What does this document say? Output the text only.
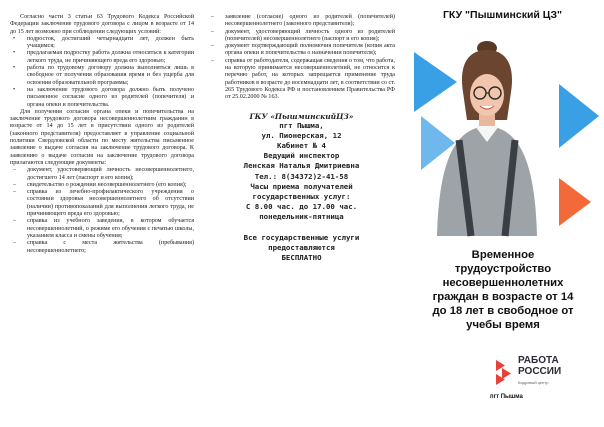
Согласно части 3 статьи 63 Трудового Кодекса Российской Федерации заключение трудового договора с лицом в возрасте от 14 до 15 лет возможно при соблюдении следующих условий:

• подросток, достигший четырнадцати лет, должен быть учащимся;
• предлагаемая подростку работа должна относиться к категории легкого труда, не причиняющего вреда его здоровью;
• работа по трудовому договору должна выполняться лишь в свободное от получения образования время и без ущерба для освоения образовательной программы;
• на заключение трудового договора должно быть получено письменное согласие одного из родителей (попечителя) и органа опеки и попечительства.

Для получения согласия органа опеки и попечительства на заключение трудового договора несовершеннолетним гражданин в возрасте от 14 до 15 лет в присутствии одного из родителей (законного представителя) предоставляет в управление социальной политики Свердловской области по месту жительства письменное заявление о выдаче согласия на заключение трудового договора. К заявлению о выдаче согласия на заключение трудового договора прилагаются следующие документы:

– документ, удостоверяющий личность несовершеннолетнего, достигшего 14 лет (паспорт и его копия);
– свидетельство о рождении несовершеннолетнего (его копия);
– справка из лечебно-профилактического учреждения о состоянии здоровья несовершеннолетнего об отсутствии (наличии) противопоказаний для выполнения легкого труда, не причиняющего вреда его здоровью;
– справка из учебного заведения, в котором обучается несовершеннолетний, о режиме его обучения с печатью школы, указанием класса и смены обучения;
– справка с места жительства (пребывания) несовершеннолетнего;
– заявление (согласие) одного из родителей (попечителей) несовершеннолетнего (законного представителя);
– документ, удостоверяющий личность одного из родителей (попечителей) несовершеннолетнего (паспорт и его копия);
– документ подтверждающий полномочия попечителя (копия акта органа опеки и попечительства о назначении попечителя);
– справка от работодателя, содержащая сведения о том, что работа, на которую принимается несовершеннолетний, не относится к перечню работ, на которых запрещается применение труда работников в возрасте до восемнадцати лет, в соответствии со ст. 265 Трудового Кодекса РФ и постановлением Правительства РФ от 25.02.2000 № 163.
ГКУ «ПышминскийЦЗ»
пгт Пышма,
ул. Пионерская, 12
Кабинет № 4
Ведущий инспектор
Ленская Наталья Дмитриевна
Тел.: 8(34372)2-41-58
Часы приема получателей
государственных услуг:
С 8.00 час. до 17.00 час.
понедельник-пятница
Все государственные услуги
предоставляются
БЕСПЛАТНО
ГКУ "Пышминский ЦЗ"
Временное
трудоустройство
несовершеннолетних
граждан в возрасте от 14
до 18 лет в свободное от
учебы время
РАБОТА
РОССИИ
Кадровый центр
пгт Пышма
